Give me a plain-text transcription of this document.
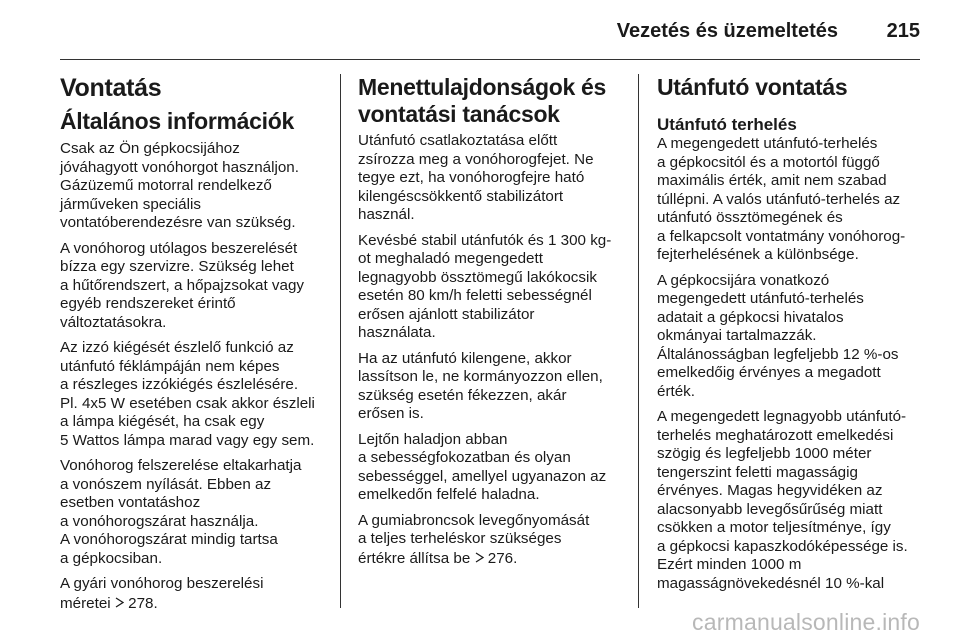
Vezetés és üzemeltetés 215
Vontatás
Általános információk

Csak az Ön gépkocsijához
jóváhagyott vonóhorgot használjon.
Gázüzemű motorral rendelkező
járműveken speciális
vontatóberendezésre van szükség.

A vonóhorog utólagos beszerelését
bízza egy szervizre. Szükség lehet
a hűtőrendszert, a hőpajzsokat vagy
egyéb rendszereket érintő
változtatásokra.

Az izzó kiégését észlelő funkció az
utánfutó féklámpáján nem képes
a részleges izzókiégés észlelésére.
Pl. 4x5 W esetében csak akkor észleli
a lámpa kiégését, ha csak egy
5 Wattos lámpa marad vagy egy sem.

Vonóhorog felszerelése eltakarhatja
a vonószem nyílását. Ebben az
esetben vontatáshoz
a vonóhorogszárat használja.
A vonóhorogszárat mindig tartsa
a gépkocsiban.

A gyári vonóhorog beszerelési
méretei 278.

Menettulajdonságok és
vontatási tanácsok

Utánfutó csatlakoztatása előtt
zsírozza meg a vonóhorogfejet. Ne
tegye ezt, ha vonóhorogfejre ható
kilengéscsökkentő stabilizátort
használ.

Kevésbé stabil utánfutók és 1 300 kg-
ot meghaladó megengedett
legnagyobb össztömegű lakókocsik
esetén 80 km/h feletti sebességnél
erősen ajánlott stabilizátor
használata.

Ha az utánfutó kilengene, akkor
lassítson le, ne kormányozzon ellen,
szükség esetén fékezzen, akár
erősen is.

Lejtőn haladjon abban
a sebességfokozatban és olyan
sebességgel, amellyel ugyanazon az
emelkedőn felfelé haladna.

A gumiabroncsok levegőnyomását
a teljes terheléskor szükséges
értékre állítsa be 276.

Utánfutó vontatás
Utánfutó terhelés

A megengedett utánfutó-terhelés
a gépkocsitól és a motortól függő
maximális érték, amit nem szabad
túllépni. A valós utánfutó-terhelés az
utánfutó össztömegének és
a felkapcsolt vontatmány vonóhorog-
fejterhelésének a különbsége.

A gépkocsijára vonatkozó
megengedett utánfutó-terhelés
adatait a gépkocsi hivatalos
okmányai tartalmazzák.
Általánosságban legfeljebb 12 %-os
emelkedőig érvényes a megadott
érték.

A megengedett legnagyobb utánfutó-
terhelés meghatározott emelkedési
szögig és legfeljebb 1000 méter
tengerszint feletti magasságig
érvényes. Magas hegyvidéken az
alacsonyabb levegősűrűség miatt
csökken a motor teljesítménye, így
a gépkocsi kapaszkodóképessége is.
Ezért minden 1000 m
magasságnövekedésnél 10 %-kal

carmanualsonline.info
